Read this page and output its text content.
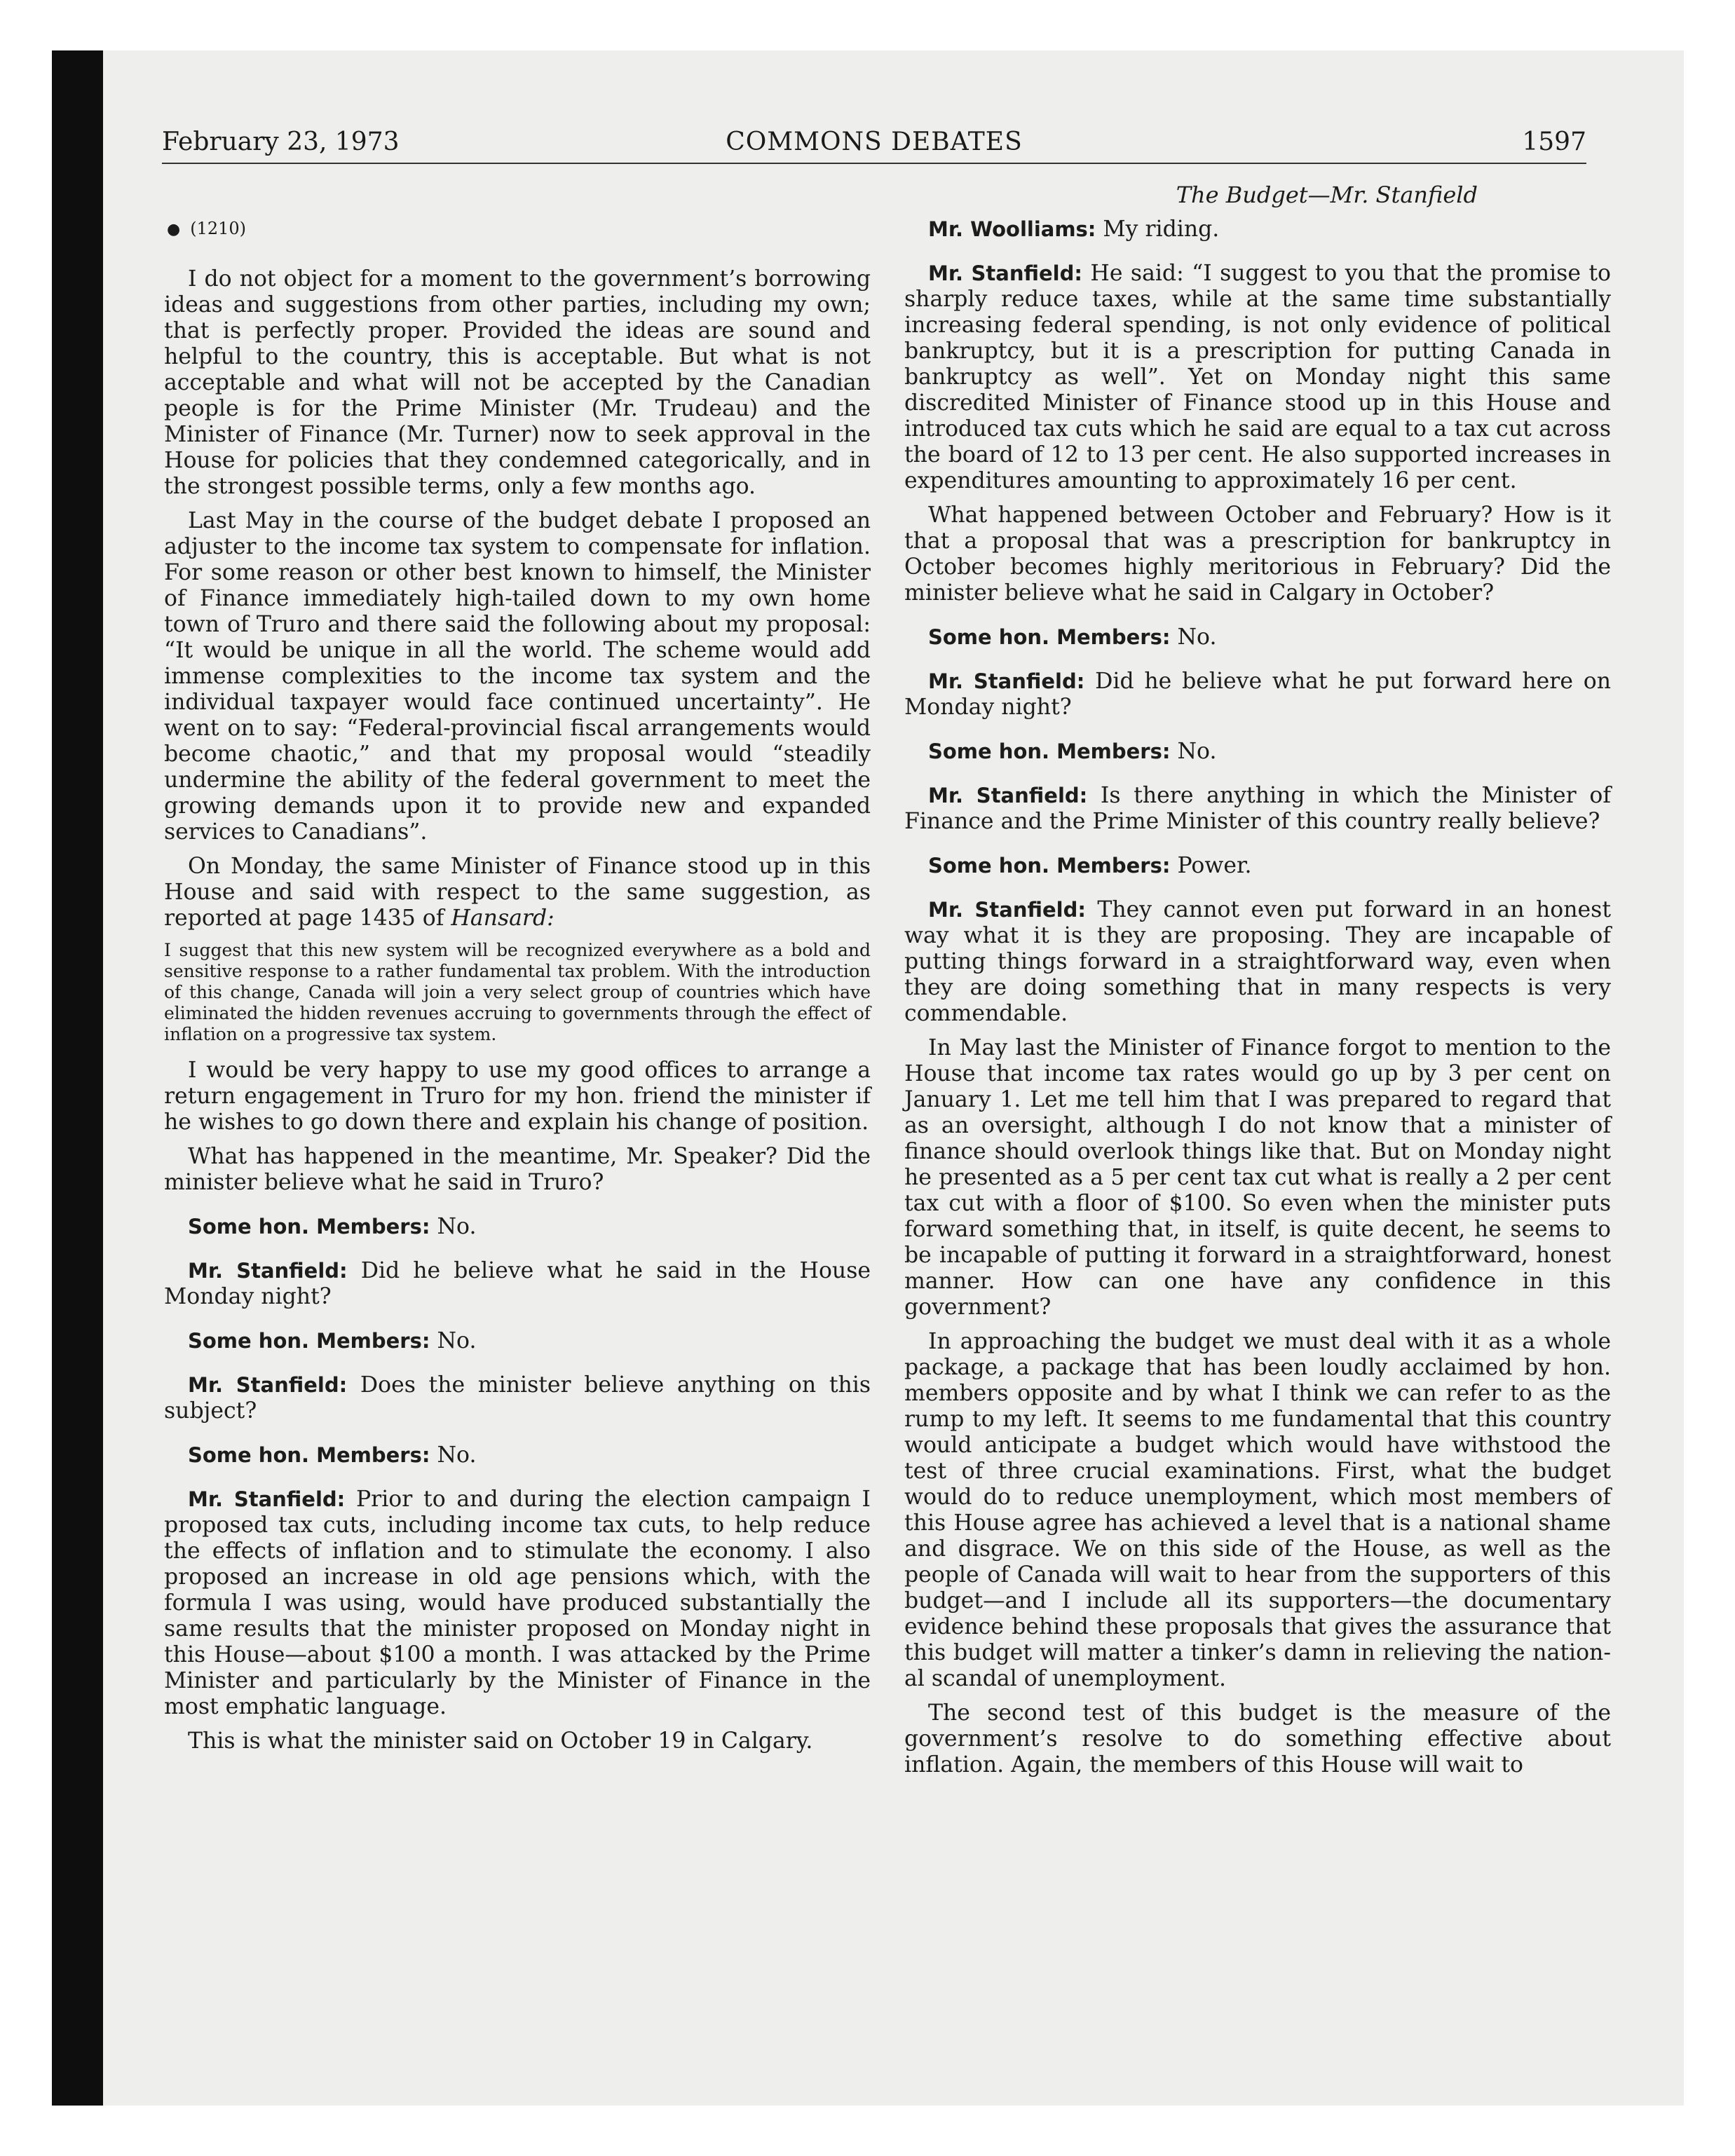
February 23, 1973	COMMONS DEBATES	1597
● (1210)

I do not object for a moment to the government’s borrowing ideas and suggestions from other parties, including my own; that is perfectly proper. Provided the ideas are sound and helpful to the country, this is acceptable. But what is not acceptable and what will not be accepted by the Canadian people is for the Prime Minister (Mr. Trudeau) and the Minister of Finance (Mr. Turner) now to seek approval in the House for policies that they condemned categorically, and in the strongest possible terms, only a few months ago.

Last May in the course of the budget debate I proposed an adjuster to the income tax system to compensate for inflation. For some reason or other best known to himself, the Minister of Finance immediately high-tailed down to my own home town of Truro and there said the following about my proposal: “It would be unique in all the world. The scheme would add immense complexities to the income tax system and the individual taxpayer would face continued uncertainty”. He went on to say: “Federal-provincial fiscal arrangements would become chaotic,” and that my proposal would “steadily undermine the ability of the federal government to meet the growing demands upon it to provide new and expanded services to Canadians”.

On Monday, the same Minister of Finance stood up in this House and said with respect to the same suggestion, as reported at page 1435 of Hansard:

I suggest that this new system will be recognized everywhere as a bold and sensitive response to a rather fundamental tax problem. With the introduction of this change, Canada will join a very select group of countries which have eliminated the hidden revenues accruing to governments through the effect of inflation on a progressive tax system.

I would be very happy to use my good offices to arrange a return engagement in Truro for my hon. friend the minister if he wishes to go down there and explain his change of position.

What has happened in the meantime, Mr. Speaker? Did the minister believe what he said in Truro?

Some hon. Members: No.

Mr. Stanfield: Did he believe what he said in the House Monday night?

Some hon. Members: No.

Mr. Stanfield: Does the minister believe anything on this subject?

Some hon. Members: No.

Mr. Stanfield: Prior to and during the election campaign I proposed tax cuts, including income tax cuts, to help reduce the effects of inflation and to stimulate the economy. I also proposed an increase in old age pensions which, with the formula I was using, would have produced substantially the same results that the minister proposed on Monday night in this House—about $100 a month. I was attacked by the Prime Minister and particularly by the Minister of Finance in the most emphatic language.

This is what the minister said on October 19 in Calgary.

The Budget—Mr. Stanfield

Mr. Woolliams: My riding.

Mr. Stanfield: He said: “I suggest to you that the promise to sharply reduce taxes, while at the same time substantially increasing federal spending, is not only evidence of political bankruptcy, but it is a prescription for putting Canada in bankruptcy as well”. Yet on Monday night this same discredited Minister of Finance stood up in this House and introduced tax cuts which he said are equal to a tax cut across the board of 12 to 13 per cent. He also supported increases in expenditures amounting to approximately 16 per cent.

What happened between October and February? How is it that a proposal that was a prescription for bankruptcy in October becomes highly meritorious in February? Did the minister believe what he said in Calgary in October?

Some hon. Members: No.

Mr. Stanfield: Did he believe what he put forward here on Monday night?

Some hon. Members: No.

Mr. Stanfield: Is there anything in which the Minister of Finance and the Prime Minister of this country really believe?

Some hon. Members: Power.

Mr. Stanfield: They cannot even put forward in an honest way what it is they are proposing. They are incapable of putting things forward in a straightforward way, even when they are doing something that in many respects is very commendable.

In May last the Minister of Finance forgot to mention to the House that income tax rates would go up by 3 per cent on January 1. Let me tell him that I was prepared to regard that as an oversight, although I do not know that a minister of finance should overlook things like that. But on Monday night he presented as a 5 per cent tax cut what is really a 2 per cent tax cut with a floor of $100. So even when the minister puts forward something that, in itself, is quite decent, he seems to be incapable of putting it forward in a straightforward, honest manner. How can one have any confidence in this government?

In approaching the budget we must deal with it as a whole package, a package that has been loudly acclaimed by hon. members opposite and by what I think we can refer to as the rump to my left. It seems to me fundamental that this country would anticipate a budget which would have withstood the test of three crucial examinations. First, what the budget would do to reduce unemployment, which most members of this House agree has achieved a level that is a national shame and disgrace. We on this side of the House, as well as the people of Canada will wait to hear from the supporters of this budget—and I include all its supporters—the documentary evidence behind these proposals that gives the assurance that this budget will matter a tinker’s damn in relieving the national scandal of unemployment.

The second test of this budget is the measure of the government’s resolve to do something effective about inflation. Again, the members of this House will wait to
